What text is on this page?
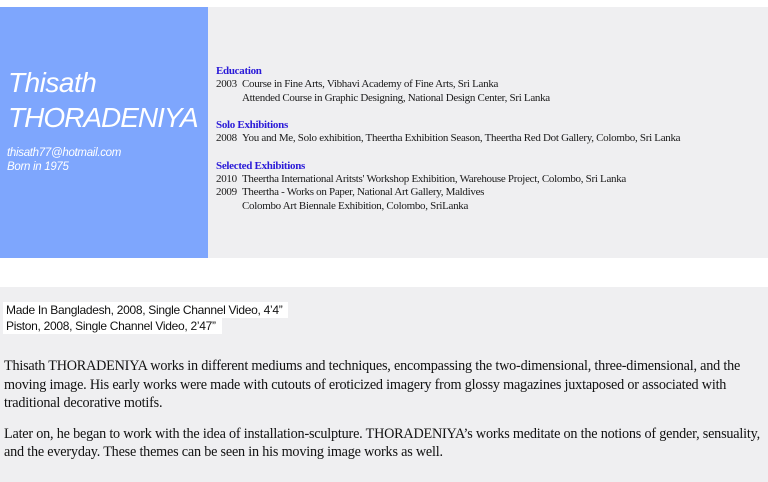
Thisath
THORADENIYA
thisath77@hotmail.com
Born in 1975
Education
2003 Course in Fine Arts, Vibhavi Academy of Fine Arts, Sri Lanka
Attended Course in Graphic Designing, National Design Center, Sri Lanka
Solo Exhibitions
2008 You and Me, Solo exhibition, Theertha Exhibition Season, Theertha Red Dot Gallery, Colombo, Sri Lanka
Selected Exhibitions
2010 Theertha International Aritsts' Workshop Exhibition, Warehouse Project, Colombo, Sri Lanka
2009 Theertha - Works on Paper, National Art Gallery, Maldives
Colombo Art Biennale Exhibition, Colombo, SriLanka
Made In Bangladesh, 2008, Single Channel Video, 4’4”
Piston, 2008, Single Channel Video, 2’47”

Thisath THORADENIYA works in different mediums and techniques, encompassing the two-dimensional, three-dimensional, and the moving image. His early works were made with cutouts of eroticized imagery from glossy magazines juxtaposed or associated with traditional decorative motifs.

Later on, he began to work with the idea of installation-sculpture. THORADENIYA’s works meditate on the notions of gender, sensuality, and the everyday. These themes can be seen in his moving image works as well.
